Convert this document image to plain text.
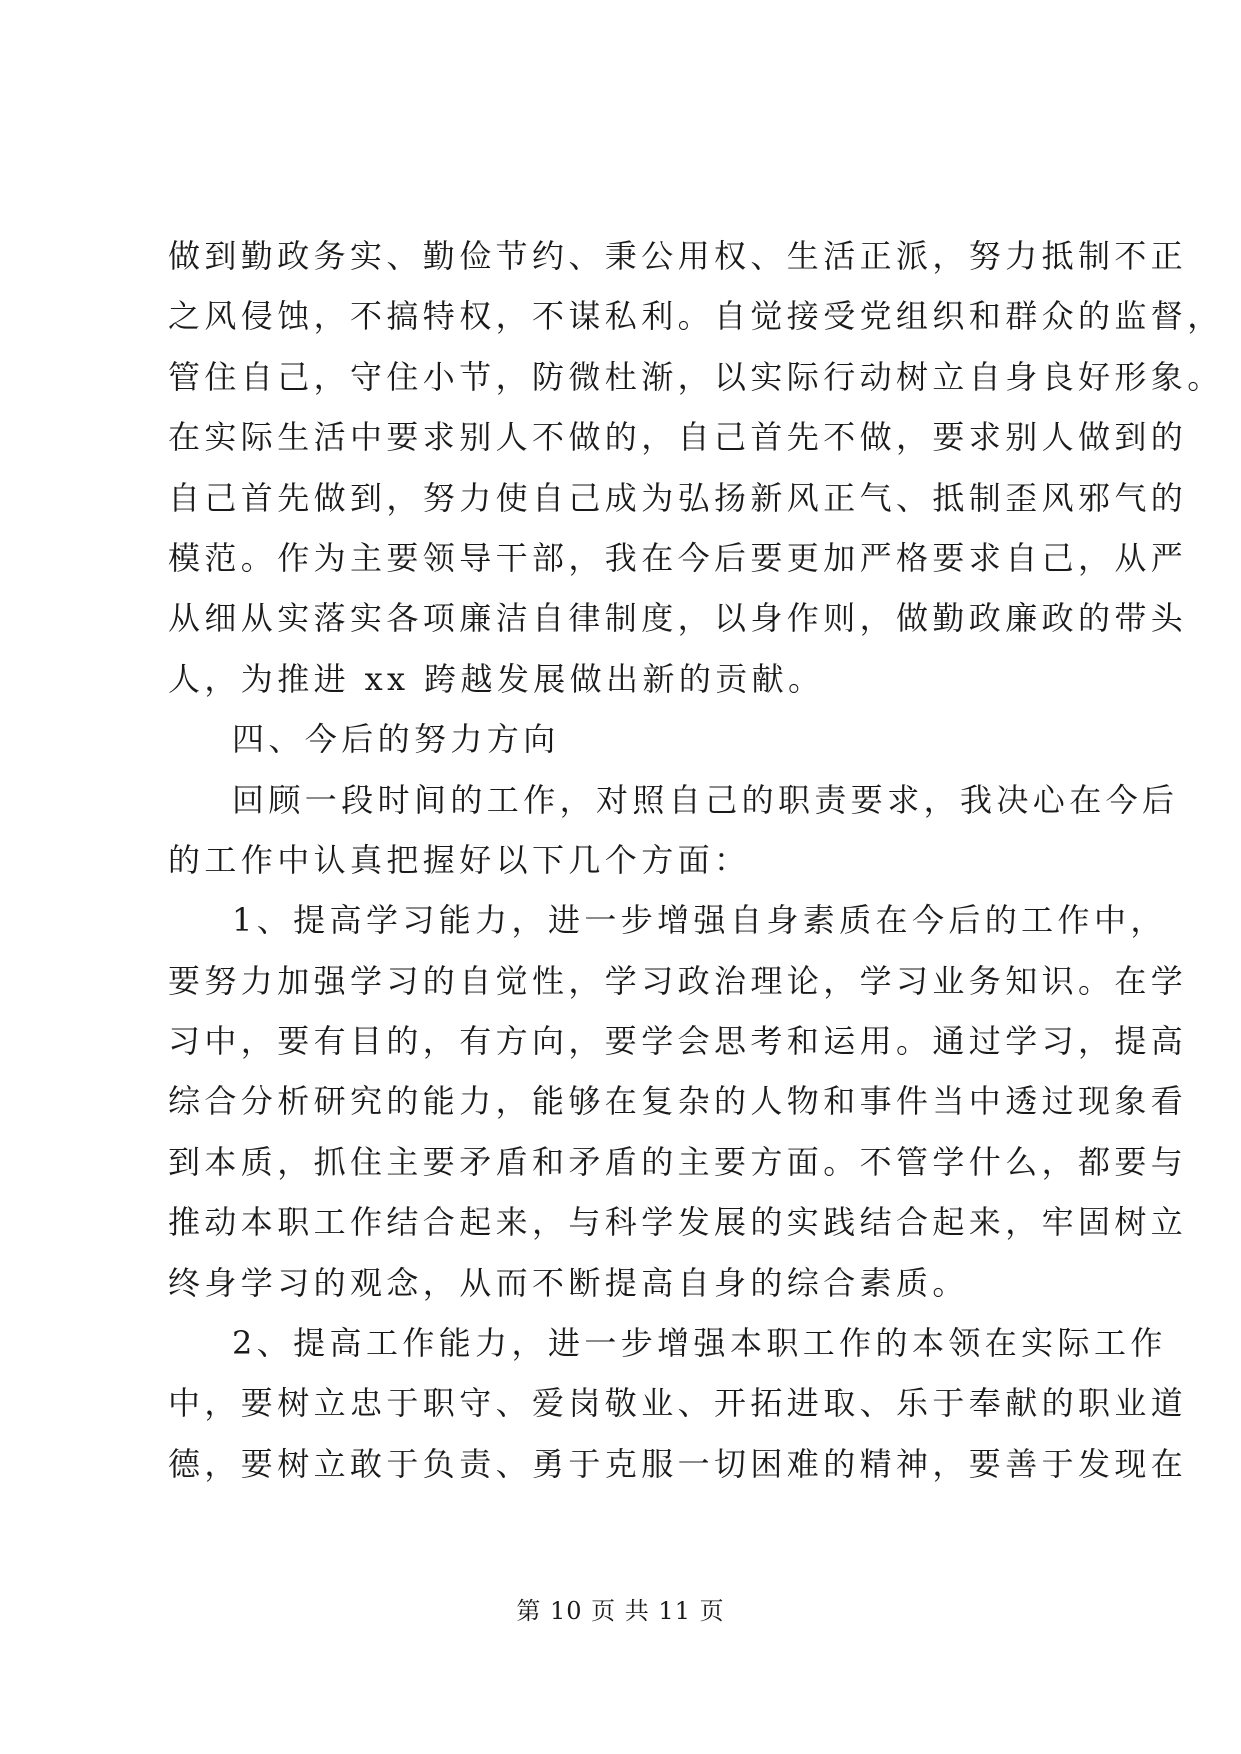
做到勤政务实、勤俭节约、秉公用权、生活正派，努力抵制不正
之风侵蚀，不搞特权，不谋私利。自觉接受党组织和群众的监督，
管住自己，守住小节，防微杜渐，以实际行动树立自身良好形象。
在实际生活中要求别人不做的，自己首先不做，要求别人做到的
自己首先做到，努力使自己成为弘扬新风正气、抵制歪风邪气的
模范。作为主要领导干部，我在今后要更加严格要求自己，从严
从细从实落实各项廉洁自律制度，以身作则，做勤政廉政的带头
人，为推进 xx 跨越发展做出新的贡献。
四、今后的努力方向
回顾一段时间的工作，对照自己的职责要求，我决心在今后
的工作中认真把握好以下几个方面：
1、提高学习能力，进一步增强自身素质在今后的工作中，
要努力加强学习的自觉性，学习政治理论，学习业务知识。在学
习中，要有目的，有方向，要学会思考和运用。通过学习，提高
综合分析研究的能力，能够在复杂的人物和事件当中透过现象看
到本质，抓住主要矛盾和矛盾的主要方面。不管学什么，都要与
推动本职工作结合起来，与科学发展的实践结合起来，牢固树立
终身学习的观念，从而不断提高自身的综合素质。
2、提高工作能力，进一步增强本职工作的本领在实际工作
中，要树立忠于职守、爱岗敬业、开拓进取、乐于奉献的职业道
德，要树立敢于负责、勇于克服一切困难的精神，要善于发现在
第 10 页 共 11 页
